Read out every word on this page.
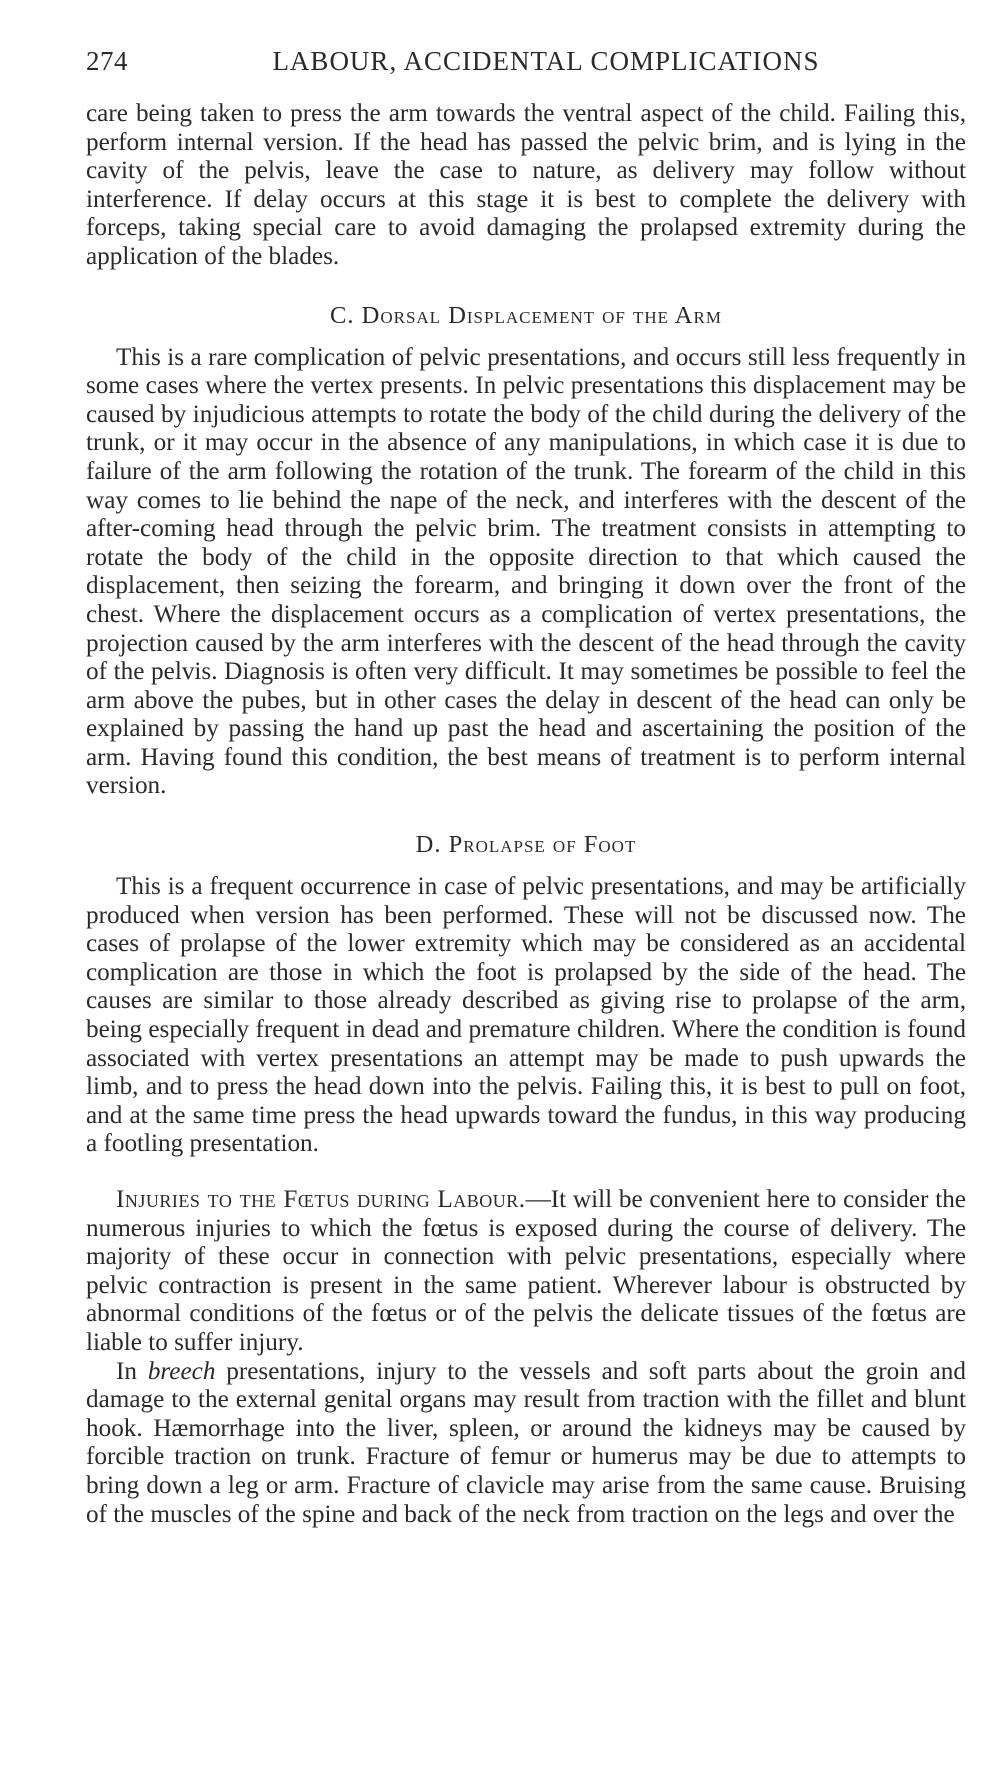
274	LABOUR, ACCIDENTAL COMPLICATIONS

care being taken to press the arm towards the ventral aspect of the child. Failing this, perform internal version. If the head has passed the pelvic brim, and is lying in the cavity of the pelvis, leave the case to nature, as delivery may follow without interference. If delay occurs at this stage it is best to complete the delivery with forceps, taking special care to avoid damaging the prolapsed extremity during the application of the blades.

C. Dorsal Displacement of the Arm

This is a rare complication of pelvic presentations, and occurs still less frequently in some cases where the vertex presents. In pelvic presentations this displacement may be caused by injudicious attempts to rotate the body of the child during the delivery of the trunk, or it may occur in the absence of any manipulations, in which case it is due to failure of the arm following the rotation of the trunk. The forearm of the child in this way comes to lie behind the nape of the neck, and interferes with the descent of the after-coming head through the pelvic brim. The treatment consists in attempting to rotate the body of the child in the opposite direction to that which caused the displacement, then seizing the forearm, and bringing it down over the front of the chest. Where the displacement occurs as a complication of vertex presentations, the projection caused by the arm interferes with the descent of the head through the cavity of the pelvis. Diagnosis is often very difficult. It may sometimes be possible to feel the arm above the pubes, but in other cases the delay in descent of the head can only be explained by passing the hand up past the head and ascertaining the position of the arm. Having found this condition, the best means of treatment is to perform internal version.

D. Prolapse of Foot

This is a frequent occurrence in case of pelvic presentations, and may be artificially produced when version has been performed. These will not be discussed now. The cases of prolapse of the lower extremity which may be considered as an accidental complication are those in which the foot is prolapsed by the side of the head. The causes are similar to those already described as giving rise to prolapse of the arm, being especially frequent in dead and premature children. Where the condition is found associated with vertex presentations an attempt may be made to push upwards the limb, and to press the head down into the pelvis. Failing this, it is best to pull on foot, and at the same time press the head upwards toward the fundus, in this way producing a footling presentation.

Injuries to the Fœtus during Labour.—It will be convenient here to consider the numerous injuries to which the fœtus is exposed during the course of delivery. The majority of these occur in connection with pelvic presentations, especially where pelvic contraction is present in the same patient. Wherever labour is obstructed by abnormal conditions of the fœtus or of the pelvis the delicate tissues of the fœtus are liable to suffer injury.

In breech presentations, injury to the vessels and soft parts about the groin and damage to the external genital organs may result from traction with the fillet and blunt hook. Hæmorrhage into the liver, spleen, or around the kidneys may be caused by forcible traction on trunk. Fracture of femur or humerus may be due to attempts to bring down a leg or arm. Fracture of clavicle may arise from the same cause. Bruising of the muscles of the spine and back of the neck from traction on the legs and over the
